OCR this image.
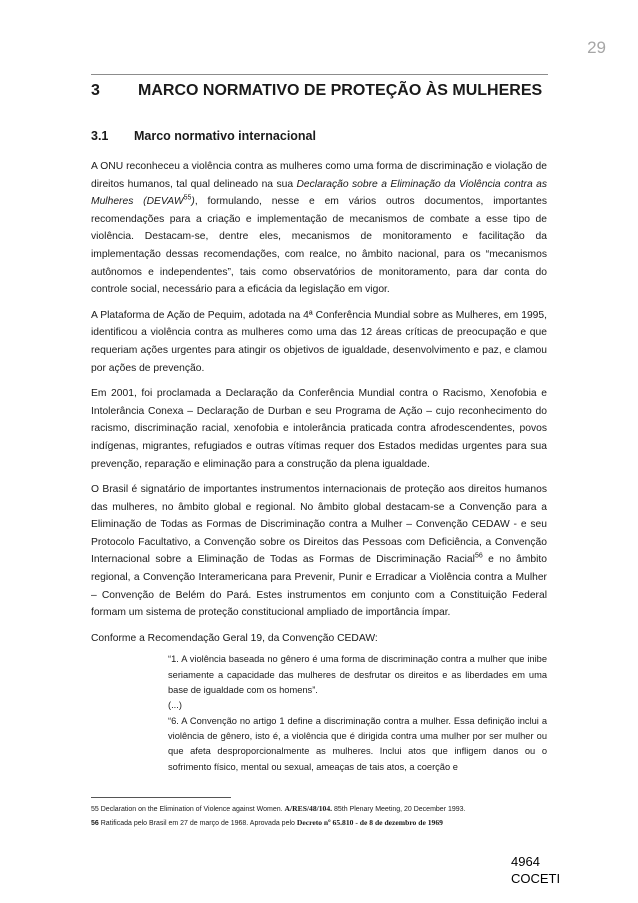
29
3 MARCO NORMATIVO DE PROTEÇÃO ÀS MULHERES
3.1 Marco normativo internacional

A ONU reconheceu a violência contra as mulheres como uma forma de discriminação e violação de direitos humanos, tal qual delineado na sua Declaração sobre a Eliminação da Violência contra as Mulheres (DEVAW$^{55}$), formulando, nesse e em vários outros documentos, importantes recomendações para a criação e implementação de mecanismos de combate a esse tipo de violência. Destacam-se, dentre eles, mecanismos de monitoramento e facilitação da implementação dessas recomendações, com realce, no âmbito nacional, para os “mecanismos autônomos e independentes”, tais como observatórios de monitoramento, para dar conta do controle social, necessário para a eficácia da legislação em vigor.

A Plataforma de Ação de Pequim, adotada na 4ª Conferência Mundial sobre as Mulheres, em 1995, identificou a violência contra as mulheres como uma das 12 áreas críticas de preocupação e que requeriam ações urgentes para atingir os objetivos de igualdade, desenvolvimento e paz, e clamou por ações de prevenção.

Em 2001, foi proclamada a Declaração da Conferência Mundial contra o Racismo, Xenofobia e Intolerância Conexa – Declaração de Durban e seu Programa de Ação – cujo reconhecimento do racismo, discriminação racial, xenofobia e intolerância praticada contra afrodescendentes, povos indígenas, migrantes, refugiados e outras vítimas requer dos Estados medidas urgentes para sua prevenção, reparação e eliminação para a construção da plena igualdade.

O Brasil é signatário de importantes instrumentos internacionais de proteção aos direitos humanos das mulheres, no âmbito global e regional. No âmbito global destacam-se a Convenção para a Eliminação de Todas as Formas de Discriminação contra a Mulher – Convenção CEDAW - e seu Protocolo Facultativo, a Convenção sobre os Direitos das Pessoas com Deficiência, a Convenção Internacional sobre a Eliminação de Todas as Formas de Discriminação Racial$^{56}$ e no âmbito regional, a Convenção Interamericana para Prevenir, Punir e Erradicar a Violência contra a Mulher – Convenção de Belém do Pará. Estes instrumentos em conjunto com a Constituição Federal formam um sistema de proteção constitucional ampliado de importância ímpar.

Conforme a Recomendação Geral 19, da Convenção CEDAW:

“1. A violência baseada no gênero é uma forma de discriminação contra a mulher que inibe seriamente a capacidade das mulheres de desfrutar os direitos e as liberdades em uma base de igualdade com os homens”.
(...)
“6. A Convenção no artigo 1 define a discriminação contra a mulher. Essa definição inclui a violência de gênero, isto é, a violência que é dirigida contra uma mulher por ser mulher ou que afeta desproporcionalmente as mulheres. Inclui atos que infligem danos ou o sofrimento físico, mental ou sexual, ameaças de tais atos, a coerção e
55 Declaration on the Elimination of Violence against Women. A/RES/48/104. 85th Plenary Meeting, 20 December 1993.
56 Ratificada pelo Brasil em 27 de março de 1968. Aprovada pelo Decreto nº 65.810 - de 8 de dezembro de 1969
4964
COCETI
